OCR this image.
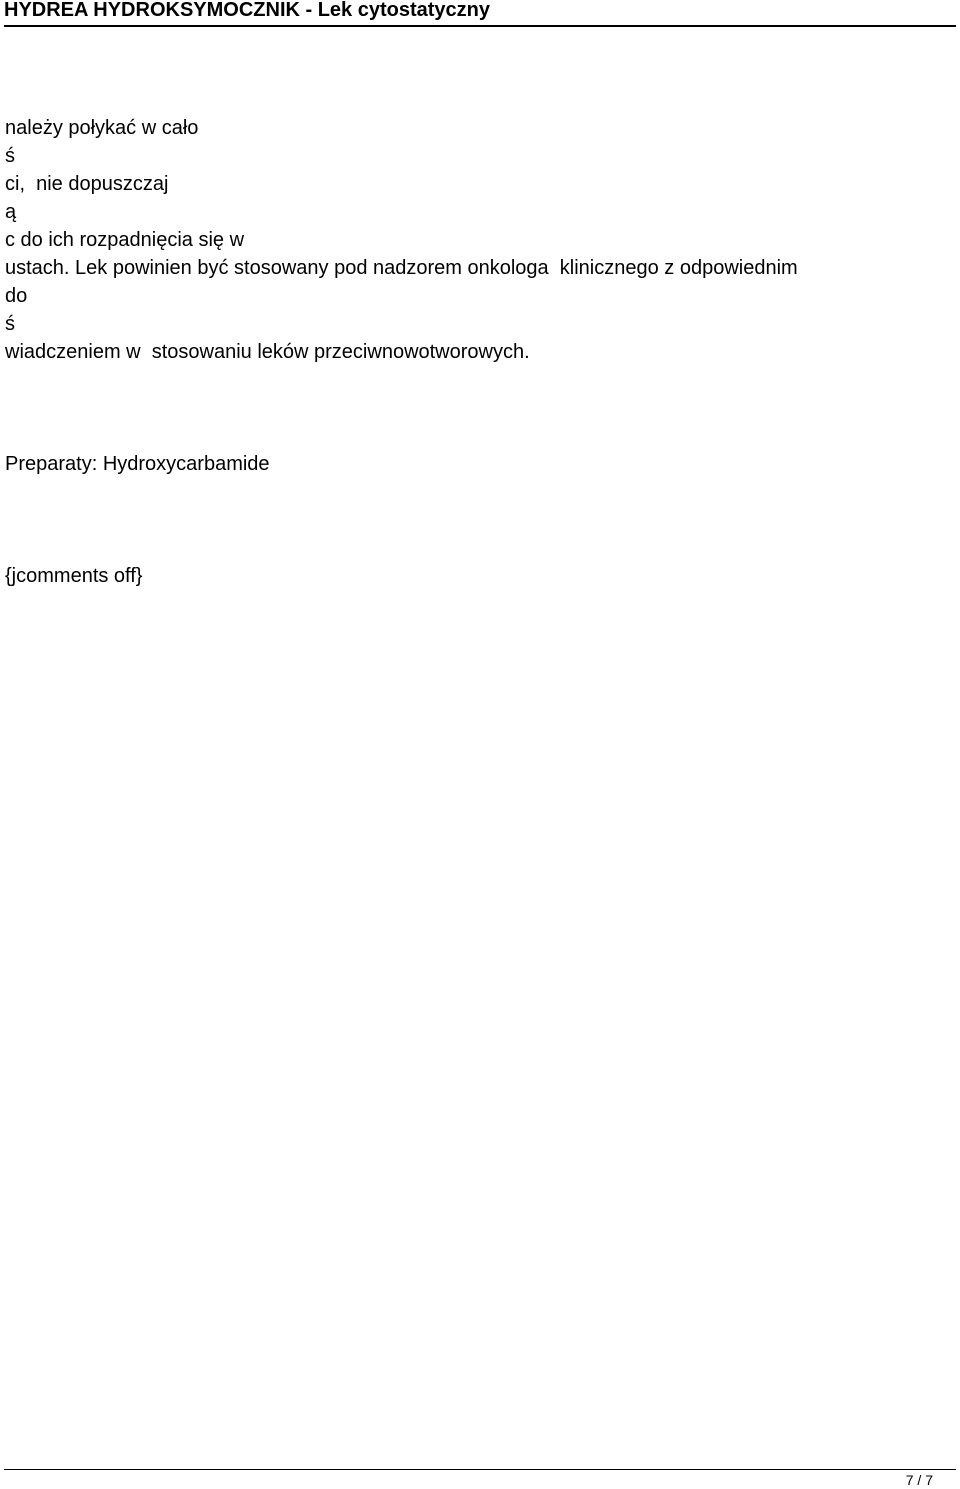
HYDREA HYDROKSYMOCZNIK - Lek cytostatyczny
należy połykać w cało
ś
ci,  nie dopuszczaj
ą
c do ich rozpadnięcia się w
ustach. Lek powinien być stosowany pod nadzorem onkologa  klinicznego z odpowiednim
do
ś
wiadczeniem w  stosowaniu leków przeciwnowotworowych.
Preparaty: Hydroxycarbamide
{jcomments off}
7 / 7
